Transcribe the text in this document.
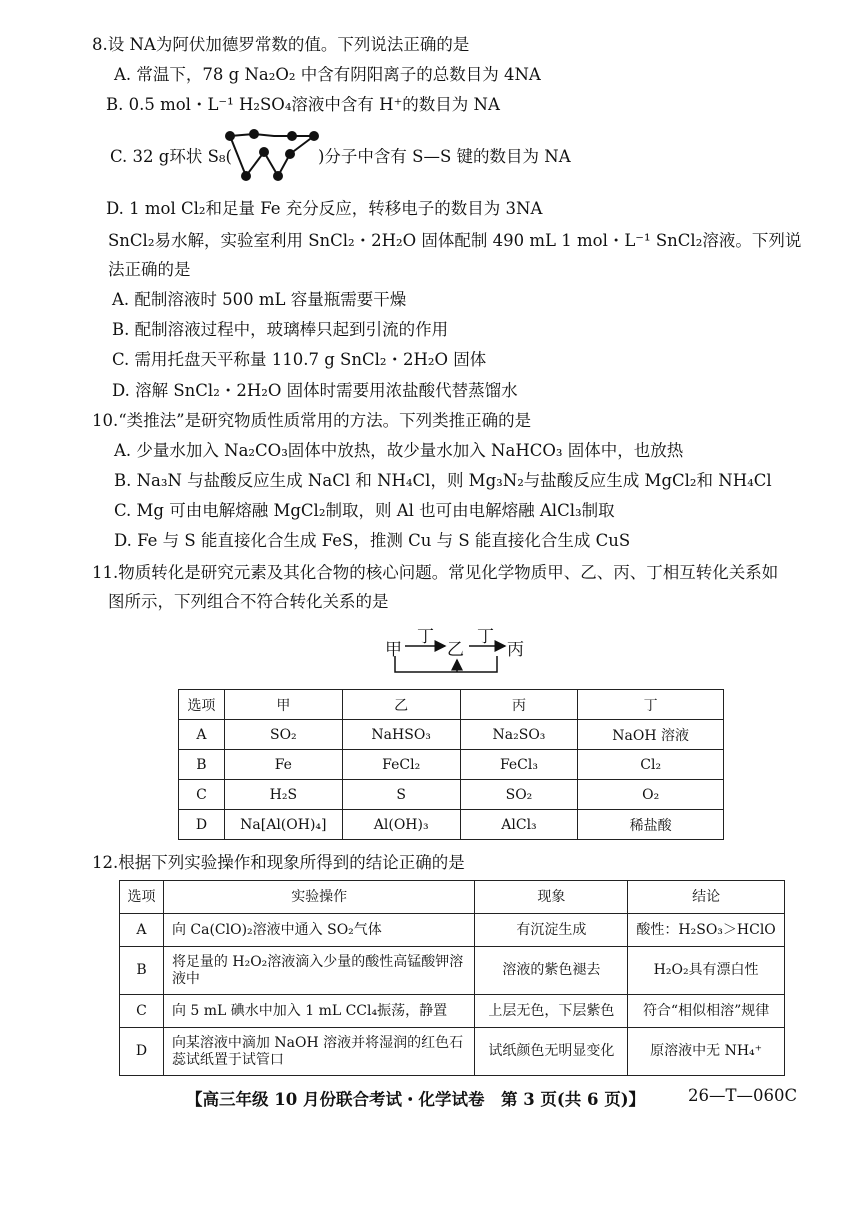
8.设 NA为阿伏加德罗常数的值。下列说法正确的是
A. 常温下，78 g Na₂O₂ 中含有阴阳离子的总数目为 4NA
B. 0.5 mol・L⁻¹ H₂SO₄溶液中含有 H⁺的数目为 NA
C. 32 g环状 S₈(	)分子中含有 S—S 键的数目为 NA
D. 1 mol Cl₂和足量 Fe 充分反应，转移电子的数目为 3NA
SnCl₂易水解，实验室利用 SnCl₂・2H₂O 固体配制 490 mL 1 mol・L⁻¹ SnCl₂溶液。下列说
法正确的是
A. 配制溶液时 500 mL 容量瓶需要干燥
B. 配制溶液过程中，玻璃棒只起到引流的作用
C. 需用托盘天平称量 110.7 g SnCl₂・2H₂O 固体
D. 溶解 SnCl₂・2H₂O 固体时需要用浓盐酸代替蒸馏水
10.“类推法”是研究物质性质常用的方法。下列类推正确的是
A. 少量水加入 Na₂CO₃固体中放热，故少量水加入 NaHCO₃ 固体中，也放热
B. Na₃N 与盐酸反应生成 NaCl 和 NH₄Cl，则 Mg₃N₂与盐酸反应生成 MgCl₂和 NH₄Cl
C. Mg 可由电解熔融 MgCl₂制取，则 Al 也可由电解熔融 AlCl₃制取
D. Fe 与 S 能直接化合生成 FeS，推测 Cu 与 S 能直接化合生成 CuS
11.物质转化是研究元素及其化合物的核心问题。常见化学物质甲、乙、丙、丁相互转化关系如
图所示，下列组合不符合转化关系的是
甲	乙	丙
丁	丁
选项	甲	乙	丙	丁
A	SO₂	NaHSO₃	Na₂SO₃	NaOH 溶液
B	Fe	FeCl₂	FeCl₃	Cl₂
C	H₂S	S	SO₂	O₂
D	Na[Al(OH)₄]	Al(OH)₃	AlCl₃	稀盐酸
12.根据下列实验操作和现象所得到的结论正确的是
选项	实验操作	现象	结论
A	向 Ca(ClO)₂溶液中通入 SO₂气体	有沉淀生成	酸性：H₂SO₃＞HClO
B	将足量的 H₂O₂溶液滴入少量的酸性高锰酸钾溶液中	溶液的紫色褪去	H₂O₂具有漂白性
C	向 5 mL 碘水中加入 1 mL CCl₄振荡，静置	上层无色，下层紫色	符合“相似相溶”规律
D	向某溶液中滴加 NaOH 溶液并将湿润的红色石蕊试纸置于试管口	试纸颜色无明显变化	原溶液中无 NH₄⁺
【高三年级 10 月份联合考试・化学试卷　第 3 页(共 6 页)】	26—T—060C
